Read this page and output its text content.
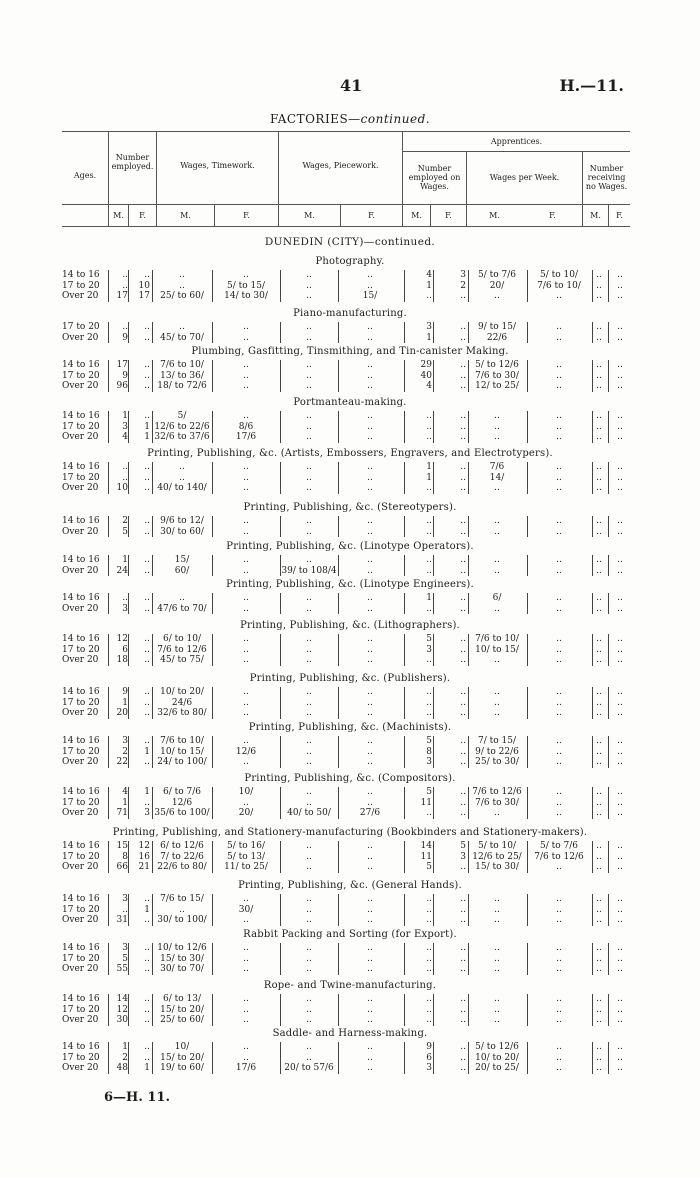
41	H.—11.
FACTORIES—continued.
Ages.
Number employed.	Wages, Timework.	Wages, Piecework.
Apprentices.
Number employed on Wages.
Wages per Week.
Number receiving no Wages.
M.	F.	M.	F.	M.	F.	M.	F.	M.	F.	M.	F.
DUNEDIN (CITY)—continued.
Photography.
14 to 16	..	..	..	..	..	..	4	3	5/ to 7/6	5/ to 10/	..	..
17 to 20	..	10	..	5/ to 15/	..	..	1	2	20/	7/6 to 10/	..	..
Over 20	17	17	25/ to 60/	14/ to 30/	..	15/	..	..	..	..	..	..
Piano-manufacturing.
17 to 20	..	..	..	..	..	..	3	..	9/ to 15/	..	..	..
Over 20	9	..	45/ to 70/	..	..	..	1	..	22/6	..	..	..
Plumbing, Gasfitting, Tinsmithing, and Tin-canister Making.
14 to 16	17	..	7/6 to 10/	..	..	..	29	..	5/ to 12/6	..	..	..
17 to 20	9	..	13/ to 36/	..	..	..	40	..	7/6 to 30/	..	..	..
Over 20	96	.. 18/ to 72/6	..	..	..	4	..	12/ to 25/	..	..	..
Portmanteau-making.
14 to 16	1	..	5/	..	..	..	..	..	..	..	..	..
17 to 20	3	1 12/6 to 22/6	8/6	..	..	..	..	..	..	..	..
Over 20	4	1 32/6 to 37/6	17/6	..	..	..	..	..	..	..	..
Printing, Publishing, &c. (Artists, Embossers, Engravers, and Electrotypers).
14 to 16	..	..	..	..	..	..	1	..	7/6	..	..	..
17 to 20	..	..	..	..	..	..	1	..	14/	..	..	..
Over 20	10	.. 40/ to 140/	..	..	..	..	..	..	..	..	..
Printing, Publishing, &c. (Stereotypers).
14 to 16	2	..	9/6 to 12/	..	..	..	..	..	..	..	..	..
Over 20	5	..	30/ to 60/	..	..	..	..	..	..	..	..	..
Printing, Publishing, &c. (Linotype Operators).
14 to 16	1	..	15/	..	..	..	..	..	..	..	..	..
Over 20	24	..	60/	..	39/ to 108/4	..	..	..	..	..	..	..
Printing, Publishing, &c. (Linotype Engineers).
14 to 16	..	..	..	..	..	..	1	..	6/	..	..	..
Over 20	3	.. 47/6 to 70/	..	..	..	..	..	..	..	..	..
Printing, Publishing, &c. (Lithographers).
14 to 16	12	..	6/ to 10/	..	..	..	5	..	7/6 to 10/	..	..	..
17 to 20	6	.. 7/6 to 12/6	..	..	..	3	..	10/ to 15/	..	..	..
Over 20	18	..	45/ to 75/	..	..	..	..	..	..	..	..	..
Printing, Publishing, &c. (Publishers).
14 to 16	9	..	10/ to 20/	..	..	..	..	..	..	..	..	..
17 to 20	1	..	24/6	..	..	..	..	..	..	..	..	..
Over 20	20	.. 32/6 to 80/	..	..	..	..	..	..	..	..	..
Printing, Publishing, &c. (Machinists).
14 to 16	3	..	7/6 to 10/	..	..	..	5	..	7/ to 15/	..	..	..
17 to 20	2	1	10/ to 15/	12/6	..	..	8	..	9/ to 22/6	..	..	..
Over 20	22	.. 24/ to 100/	..	..	..	3	..	25/ to 30/	..	..	..
Printing, Publishing, &c. (Compositors).
14 to 16	4	1	6/ to 7/6	10/	..	..	5	.. 7/6 to 12/6	..	..	..
17 to 20	1	..	12/6	..	..	..	11	..	7/6 to 30/	..	..	..
Over 20	71	3 35/6 to 100/	20/	40/ to 50/	27/6	..	..	..	..	..	..
Printing, Publishing, and Stationery-manufacturing (Bookbinders and Stationery-makers).
14 to 16	15	12	6/ to 12/6	5/ to 16/	..	..	14	5	5/ to 10/	5/ to 7/6	..	..
17 to 20	8	16	7/ to 22/6	5/ to 13/	..	..	11	3 12/6 to 25/	7/6 to 12/6	..	..
Over 20	66	21 22/6 to 80/	11/ to 25/	..	..	5	..	15/ to 30/	..	..	..
Printing, Publishing, &c. (General Hands).
14 to 16	3	..	7/6 to 15/	..	..	..	..	..	..	..	..	..
17 to 20	..	1	..	30/	..	..	..	..	..	..	..	..
Over 20	31	.. 30/ to 100/	..	..	..	..	..	..	..	..	..
Rabbit Packing and Sorting (for Export).
14 to 16	3	.. 10/ to 12/6	..	..	..	..	..	..	..	..	..
17 to 20	5	..	15/ to 30/	..	..	..	..	..	..	..	..	..
Over 20	55	..	30/ to 70/	..	..	..	..	..	..	..	..	..
Rope- and Twine-manufacturing.
14 to 16	14	..	6/ to 13/	..	..	..	..	..	..	..	..	..
17 to 20	12	..	15/ to 20/	..	..	..	..	..	..	..	..	..
Over 20	30	..	25/ to 60/	..	..	..	..	..	..	..	..	..
Saddle- and Harness-making.
14 to 16	1	..	10/	..	..	..	9	..	5/ to 12/6	..	..	..
17 to 20	2	..	15/ to 20/	..	..	..	6	..	10/ to 20/	..	..	..
Over 20	48	1	19/ to 60/	17/6	20/ to 57/6	..	3	..	20/ to 25/	..	..	..
6—H. 11.
